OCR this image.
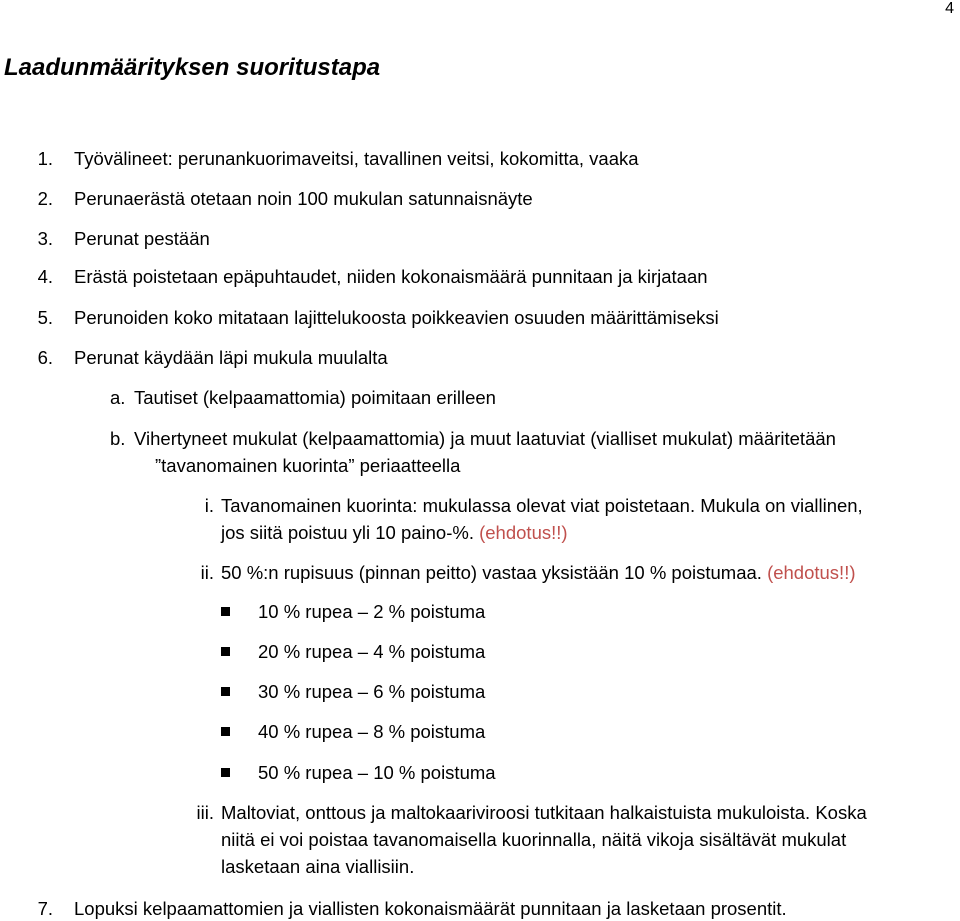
4
Laadunmäärityksen suoritustapa
1. Työvälineet: perunankuorimaveitsi, tavallinen veitsi, kokomitta, vaaka
2. Perunaerästä otetaan noin 100 mukulan satunnaisnäyte
3. Perunat pestään
4. Erästä poistetaan epäpuhtaudet, niiden kokonaismäärä punnitaan ja kirjataan
5. Perunoiden koko mitataan lajittelukoosta poikkeavien osuuden määrittämiseksi
6. Perunat käydään läpi mukula muulalta
a. Tautiset (kelpaamattomia) poimitaan erilleen
b. Vihertyneet mukulat (kelpaamattomia) ja muut laatuviat (vialliset mukulat) määritetään
”tavanomainen kuorinta” periaatteella
i. Tavanomainen kuorinta: mukulassa olevat viat poistetaan. Mukula on viallinen,
jos siitä poistuu yli 10 paino-%. (ehdotus!!)
ii. 50 %:n rupisuus (pinnan peitto) vastaa yksistään 10 % poistumaa. (ehdotus!!)
10 % rupea – 2 % poistuma
20 % rupea – 4 % poistuma
30 % rupea – 6 % poistuma
40 % rupea – 8 % poistuma
50 % rupea – 10 % poistuma
iii. Maltoviat, onttous ja maltokaariviroosi tutkitaan halkaistuista mukuloista. Koska
niitä ei voi poistaa tavanomaisella kuorinnalla, näitä vikoja sisältävät mukulat
lasketaan aina viallisiin.
7. Lopuksi kelpaamattomien ja viallisten kokonaismäärät punnitaan ja lasketaan prosentit.
